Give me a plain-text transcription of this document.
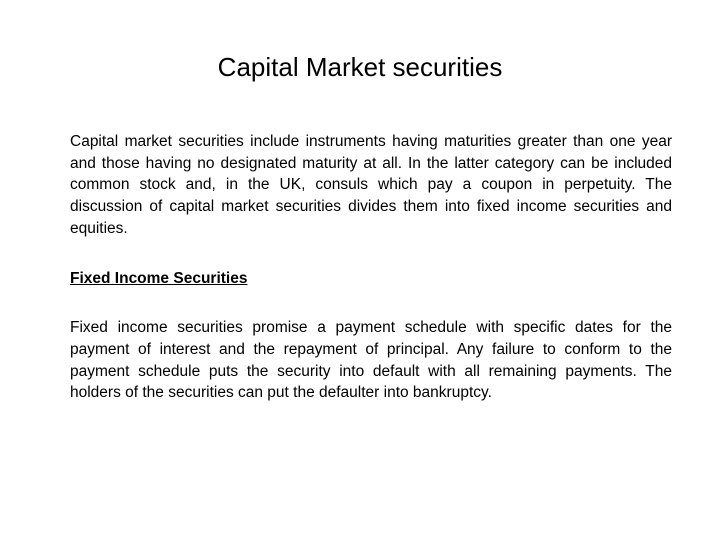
Capital Market securities

Capital market securities include instruments having maturities greater than one year and those having no designated maturity at all. In the latter category can be included common stock and, in the UK, consuls which pay a coupon in perpetuity. The discussion of capital market securities divides them into fixed income securities and equities.

Fixed Income Securities

Fixed income securities promise a payment schedule with specific dates for the payment of interest and the repayment of principal. Any failure to conform to the payment schedule puts the security into default with all remaining payments. The holders of the securities can put the defaulter into bankruptcy.
